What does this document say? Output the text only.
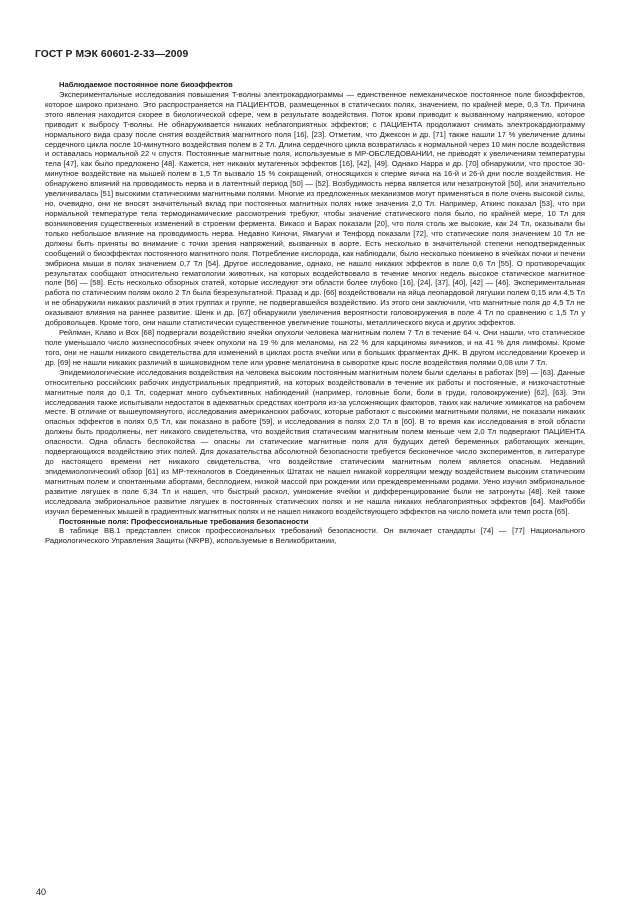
ГОСТ Р МЭК 60601-2-33—2009
Наблюдаемое постоянное поле биоэффектов

Экспериментальные исследования повышения T-волны электрокардиограммы — единственное немеханическое постоянное поле биоэффектов, которое широко признано. Это распространяется на ПАЦИЕНТОВ, размещенных в статических полях, значением, по крайней мере, 0,3 Тл. Причина этого явления находится скорее в биологической сфере, чем в результате воздействия. Поток крови приводит к вызванному напряжению, которое приводит к выбросу T-волны. Не обнаруживается никаких неблагоприятных эффектов; с ПАЦИЕНТА продолжают снимать электрокардиограмму нормального вида сразу после снятия воздействия магнитного поля [16], [23]. Отметим, что Джексон и др. [71] также нашли 17 % увеличение длины сердечного цикла после 10-минутного воздействия полем в 2 Тл. Длина сердечного цикла возвратилась к нормальной через 10 мин после воздействия и оставалась нормальной 22 ч спустя. Постоянные магнитные поля, используемые в МР-ОБСЛЕДОВАНИИ, не приводят к увеличениям температуры тела [47], как было предложено [48]. Кажется, нет никаких мутагенных эффектов [16], [42], [49]. Однако Нарра и др. [70] обнаружили, что простое 30-минутное воздействие на мышей полем в 1,5 Тл вызвало 15 % сокращений, относящихся к сперме яичка на 16-й и 26-й дни после воздействия. Не обнаружено влияний на проводимость нерва и в латентный период [50] — [52]. Возбудимость нерва является или незатронутой [50], или значительно увеличивалась [51] высокими статическими магнитными полями. Многие из предложенных механизмов могут применяться в поле очень высокой силы, но, очевидно, они не вносят значительный вклад при постоянных магнитных полях ниже значения 2,0 Тл. Например, Аткинс показал [53], что при нормальной температуре тела термодинамические рассмотрения требуют, чтобы значение статического поля было, по крайней мере, 10 Тл для возникновения существенных изменений в строении фермента. Викасо и Барах показали [20], что поля столь же высокие, как 24 Тл, оказывали бы только небольшое влияние на проводимость нерва. Недавно Киночи, Ямагучи и Тенфорд показали [72], что статические поля значением 10 Тл не должны быть приняты во внимание с точки зрения напряжений, вызванных в аорте. Есть несколько в значительной степени неподтвержденных сообщений о биоэффектах постоянного магнитного поля. Потребление кислорода, как наблюдали, было несколько понижено в ячейках почки и печени эмбриона мыши в полях значением 0,7 Тл [54]. Другое исследование, однако, не нашло никаких эффектов в поле 0,6 Тл [55]. О противоречащих результатах сообщают относительно гематологии животных, на которых воздействовало в течение многих недель высокое статическое магнитное поле [56] — [58]. Есть несколько обзорных статей, которые исследуют эти области более глубоко [16], [24], [37], [40], [42] — [46]. Экспериментальная работа по статическим полям около 2 Тл была безрезультатной. Празад и др. [66] воздействовали на яйца леопардовой лягушки полем 0,15 или 4,5 Тл и не обнаружили никаких различий в этих группах и группе, не подвергавшейся воздействию. Из этого они заключили, что магнитные поля до 4,5 Тл не оказывают влияния на раннее развитие. Шенк и др. [67] обнаружили увеличения вероятности головокружения в поле 4 Тл по сравнению с 1,5 Тл у добровольцев. Кроме того, они нашли статистически существенное увеличение тошноты, металлического вкуса и других эффектов.

Рейлман, Клаво и Вох [68] подвергали воздействию ячейки опухоли человека магнитным полем 7 Тл в течение 64 ч. Они нашли, что статическое поле уменьшало число жизнеспособных ячеек опухоли на 19 % для меланомы, на 22 % для карциномы яичников, и на 41 % для лимфомы. Кроме того, они не нашли никакого свидетельства для изменений в циклах роста ячейки или в больших фрагментах ДНК. В другом исследовании Кроекер и др. [69] не нашли никаких различий в шишковидном теле или уровне мелатонина в сыворотке крыс после воздействия полями 0,08 или 7 Тл.

Эпидемиологические исследования воздействия на человека высоким постоянным магнитным полем были сделаны в работах [59] — [63]. Данные относительно российских рабочих индустриальных предприятий, на которых воздействовали в течение их работы и постоянные, и низкочастотные магнитные поля до 0,1 Тл, содержат много субъективных наблюдений (например, головные боли, боли в груди, головокружение) [62], [63]. Эти исследования также испытывали недостаток в адекватных средствах контроля из-за усложняющих факторов, таких как наличие химикатов на рабочем месте. В отличие от вышеупомянутого, исследования американских рабочих, которые работают с высокими магнитными полями, не показали никаких опасных эффектов в полях 0,5 Тл, как показано в работе [59], и исследования в полях 2,0 Тл в [60]. В то время как исследования в этой области должны быть продолжены, нет никакого свидетельства, что воздействия статическим магнитным полем меньше чем 2,0 Тл подвергают ПАЦИЕНТА опасности. Одна область беспокойства — опасны ли статические магнитные поля для будущих детей беременных работающих женщин, подвергающихся воздействию этих полей. Для доказательства абсолютной безопасности требуется бесконечное число экспериментов, в литературе до настоящего времени нет никакого свидетельства, что воздействие статическим магнитным полем является опасным. Недавний эпидемиологический обзор [61] из МР-технологов в Соединенных Штатах не нашел никакой корреляции между воздействием высоким статическим магнитным полем и спонтанными абортами, бесплодием, низкой массой при рождении или преждевременными родами. Уено изучил эмбриональное развитие лягушек в поле 6,34 Тл и нашел, что быстрый раскол, умножение ячейки и дифференцирование были не затронуты [48]. Кей также исследовала эмбриональное развитие лягушек в постоянных статических полях и не нашла никаких неблагоприятных эффектов [64]. МакРобби изучил беременных мышей в градиентных магнитных полях и не нашел никакого воздействующего эффектов на число помета или темп роста [65].

Постоянные поля: Профессиональные требования безопасности

В таблице ВВ.1 представлен список профессиональных требований безопасности. Он включает стандарты [74] — [77] Национального Радиологического Управления Защиты (NRPB), используемые в Великобритании,

40
